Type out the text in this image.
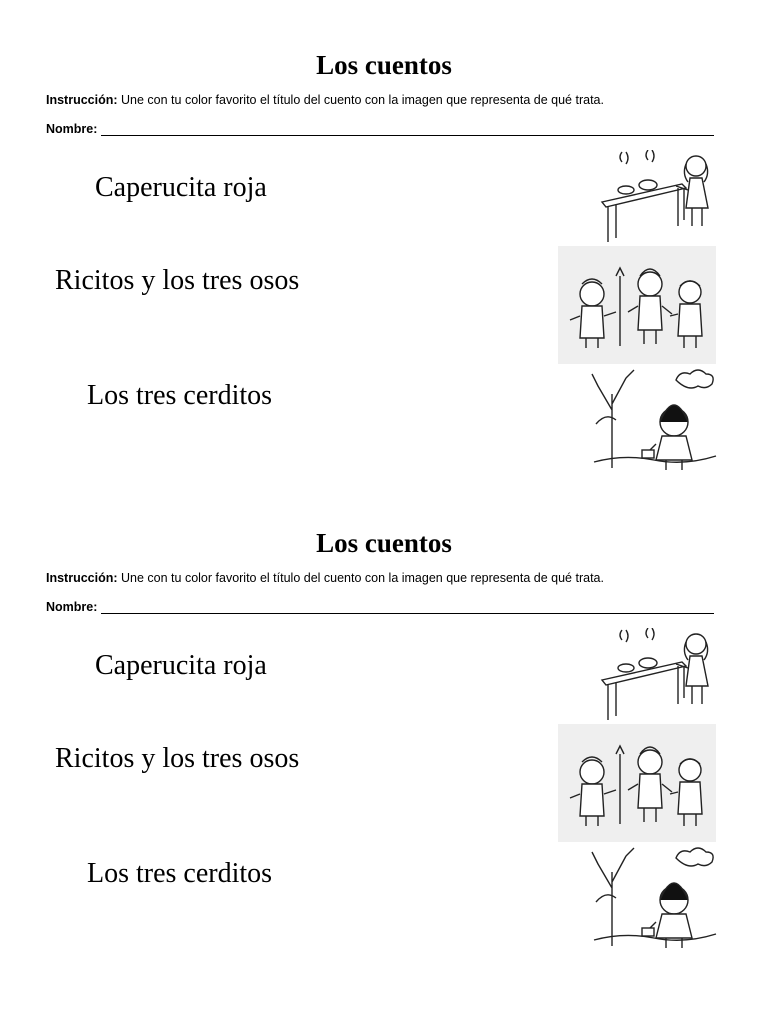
Los cuentos
Instrucción: Une con tu color favorito el título del cuento con la imagen que representa de qué trata.
Nombre:

Caperucita roja

Ricitos y los tres osos

Los tres cerditos

Los cuentos
Instrucción: Une con tu color favorito el título del cuento con la imagen que representa de qué trata.
Nombre:

Caperucita roja

Ricitos y los tres osos

Los tres cerditos
